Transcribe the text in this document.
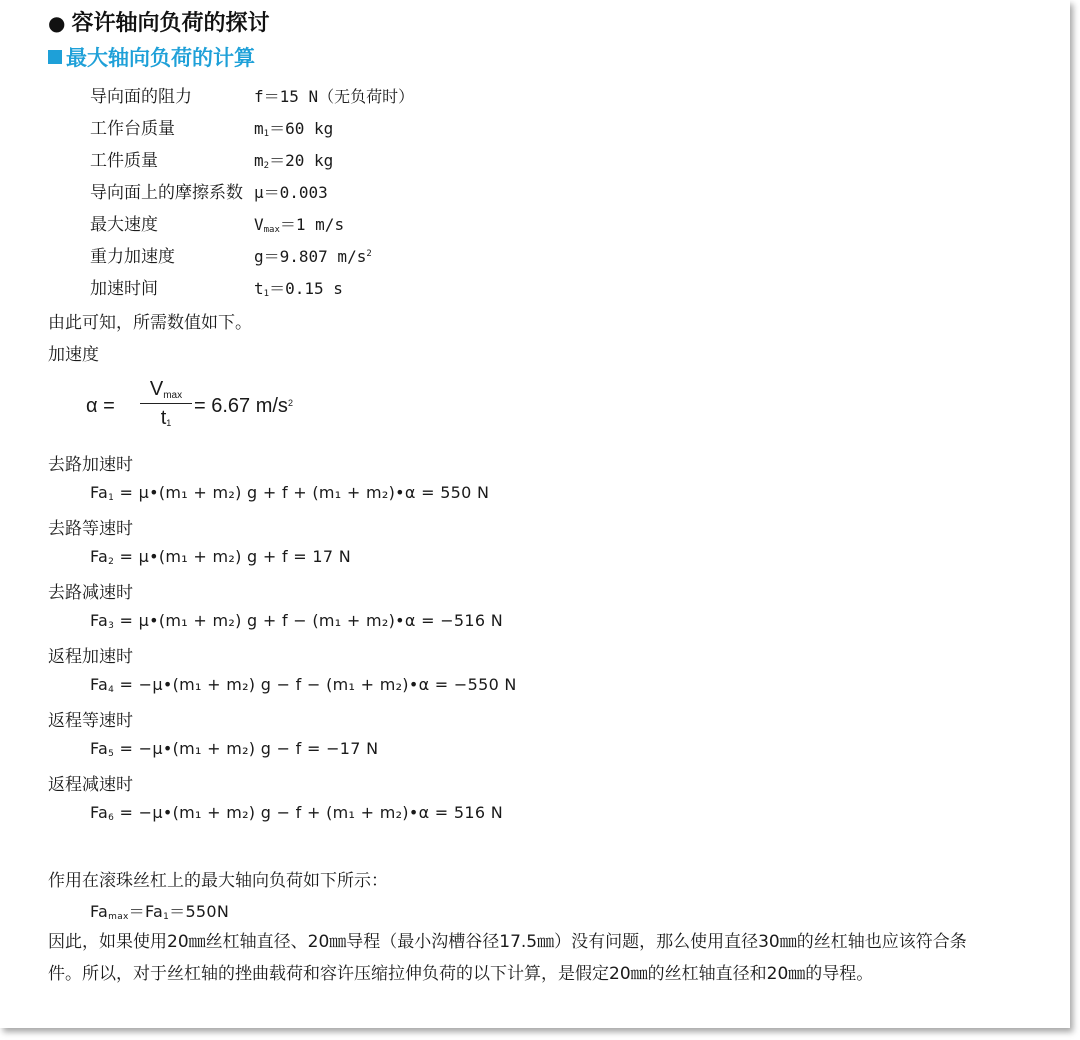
● 容许轴向负荷的探讨
最大轴向负荷的计算
导向面的阻力	f＝15 N（无负荷时）
工作台质量	$m_1=60$ kg
工件质量	$m_2=20$ kg
导向面上的摩擦系数 μ＝0.003
最大速度	$V_{max}=1$ m/s
重力加速度	g＝9.807 $m/s^2$
加速时间	$t_1=0.15$ s
由此可知，所需数值如下。
加速度
α =
$V_{max}$
$t_1$
= 6.67 $m/s^2$
去路加速时
$Fa_1$ = μ•(m₁ + m₂) g + f + (m₁ + m₂)•α = 550 N
去路等速时
$Fa_2$ = μ•(m₁ + m₂) g + f = 17 N
去路减速时
$Fa_3$ = μ•(m₁ + m₂) g + f − (m₁ + m₂)•α = −516 N
返程加速时
$Fa_4$ = −μ•(m₁ + m₂) g − f − (m₁ + m₂)•α = −550 N
返程等速时
$Fa_5$ = −μ•(m₁ + m₂) g − f = −17 N
返程减速时
$Fa_6$ = −μ•(m₁ + m₂) g − f + (m₁ + m₂)•α = 516 N
作用在滚珠丝杠上的最大轴向负荷如下所示：
$Fa_{max}=Fa_1=550N$
因此，如果使用20㎜丝杠轴直径、20㎜导程（最小沟槽谷径17.5㎜）没有问题，那么使用直径30㎜的丝杠轴也应该符合条件。所以，对于丝杠轴的挫曲载荷和容许压缩拉伸负荷的以下计算，是假定20㎜的丝杠轴直径和20㎜的导程。
